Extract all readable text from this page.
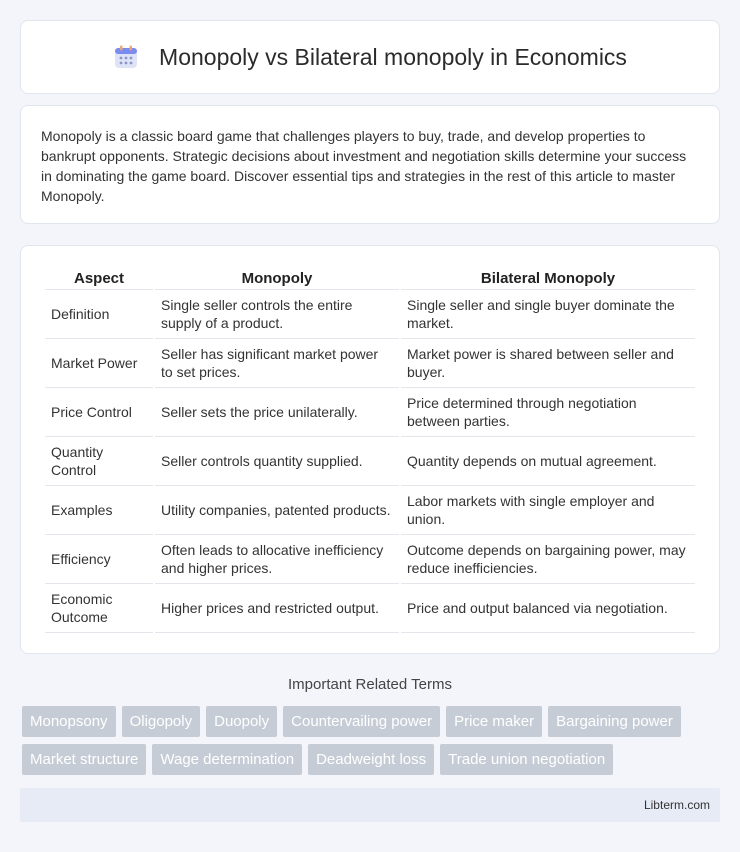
Monopoly vs Bilateral monopoly in Economics

Monopoly is a classic board game that challenges players to buy, trade, and develop properties to bankrupt opponents. Strategic decisions about investment and negotiation skills determine your success in dominating the game board. Discover essential tips and strategies in the rest of this article to master Monopoly.

Aspect	Monopoly	Bilateral Monopoly
Definition	Single seller controls the entire supply of a product.	Single seller and single buyer dominate the market.
Market Power	Seller has significant market power to set prices.	Market power is shared between seller and buyer.
Price Control	Seller sets the price unilaterally.	Price determined through negotiation between parties.
Quantity Control	Seller controls quantity supplied.	Quantity depends on mutual agreement.
Examples	Utility companies, patented products.	Labor markets with single employer and union.
Efficiency	Often leads to allocative inefficiency and higher prices.	Outcome depends on bargaining power, may reduce inefficiencies.
Economic Outcome	Higher prices and restricted output.	Price and output balanced via negotiation.
Important Related Terms
Monopsony	Oligopoly	Duopoly	Countervailing power	Price maker	Bargaining power
Market structure	Wage determination	Deadweight loss	Trade union negotiation
Libterm.com
